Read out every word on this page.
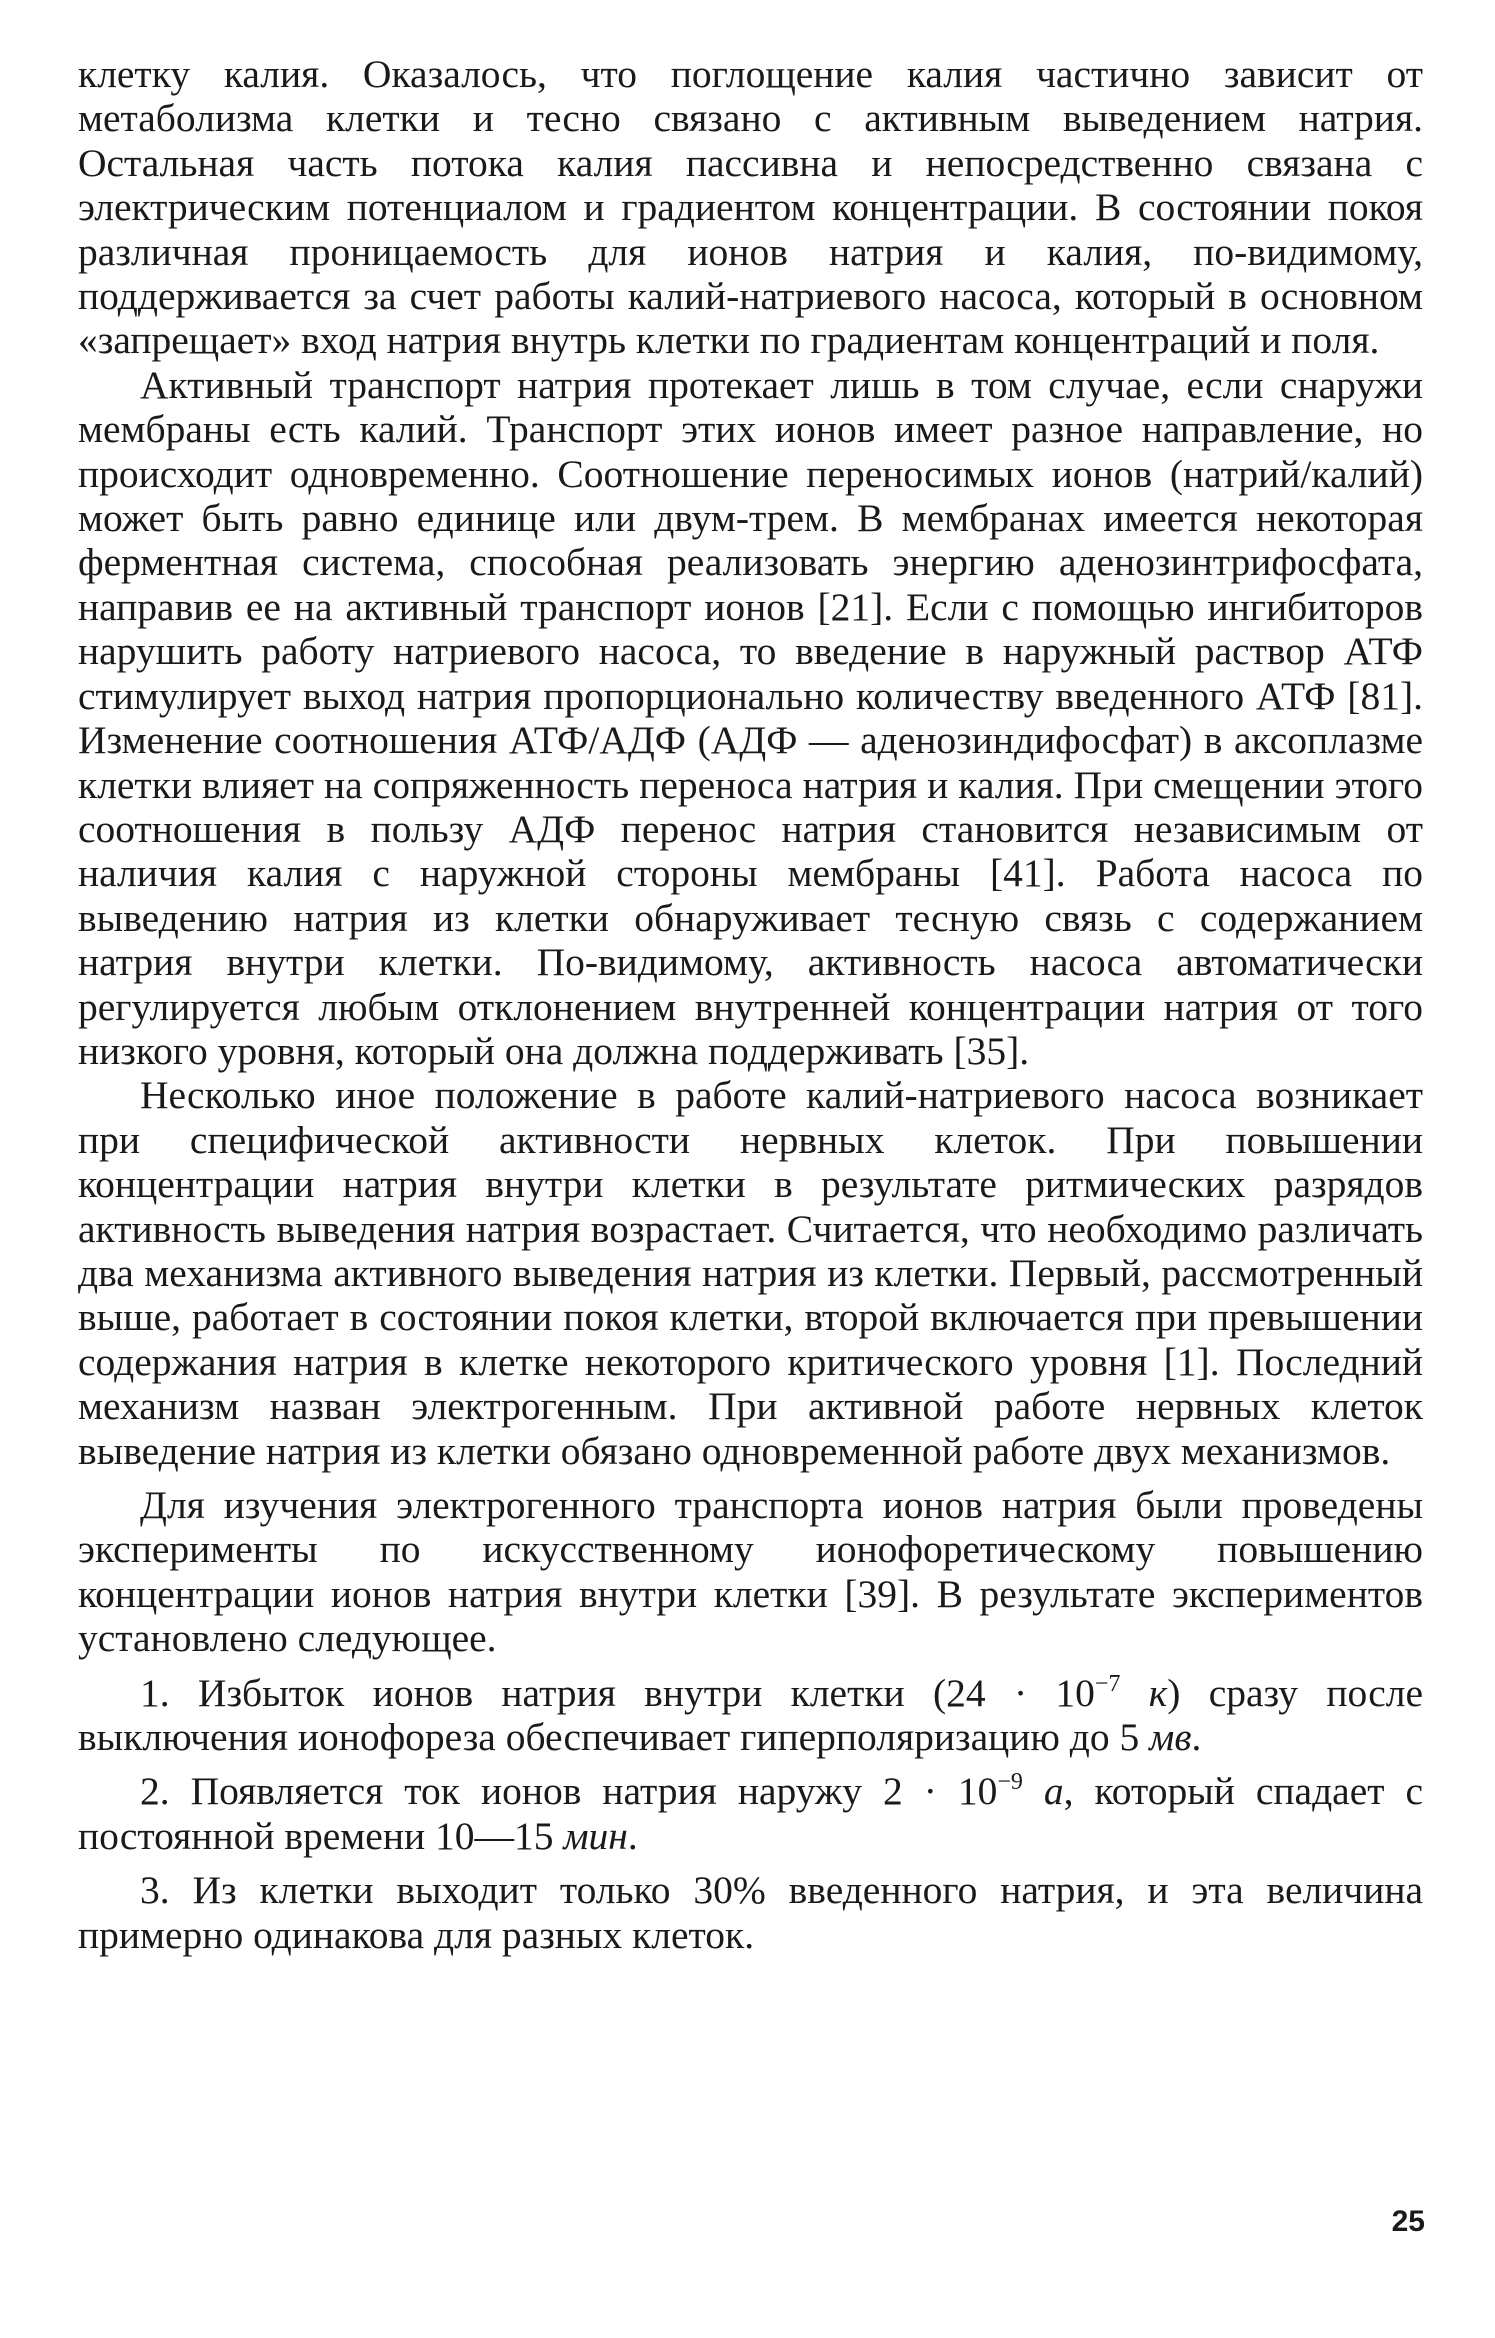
клетку калия. Оказалось, что поглощение калия частично зависит от метаболизма клетки и тесно связано с активным выведением натрия. Остальная часть потока калия пассивна и непосредственно связана с электрическим потенциалом и градиентом концентрации. В состоянии покоя различная проницаемость для ионов натрия и калия, по-видимому, поддерживается за счет работы калий-натриевого насоса, который в основном «запрещает» вход натрия внутрь клетки по градиентам концентраций и поля.

Активный транспорт натрия протекает лишь в том случае, если снаружи мембраны есть калий. Транспорт этих ионов имеет разное направление, но происходит одновременно. Соотношение переносимых ионов (натрий/калий) может быть равно единице или двум-трем. В мембранах имеется некоторая ферментная система, способная реализовать энергию аденозинтрифосфата, направив ее на активный транспорт ионов [21]. Если с помощью ингибиторов нарушить работу натриевого насоса, то введение в наружный раствор АТФ стимулирует выход натрия пропорционально количеству введенного АТФ [81]. Изменение соотношения АТФ/АДФ (АДФ — аденозиндифосфат) в аксоплазме клетки влияет на сопряженность переноса натрия и калия. При смещении этого соотношения в пользу АДФ перенос натрия становится независимым от наличия калия с наружной стороны мембраны [41]. Работа насоса по выведению натрия из клетки обнаруживает тесную связь с содержанием натрия внутри клетки. По-видимому, активность насоса автоматически регулируется любым отклонением внутренней концентрации натрия от того низкого уровня, который она должна поддерживать [35].

Несколько иное положение в работе калий-натриевого насоса возникает при специфической активности нервных клеток. При повышении концентрации натрия внутри клетки в результате ритмических разрядов активность выведения натрия возрастает. Считается, что необходимо различать два механизма активного выведения натрия из клетки. Первый, рассмотренный выше, работает в состоянии покоя клетки, второй включается при превышении содержания натрия в клетке некоторого критического уровня [1]. Последний механизм назван электрогенным. При активной работе нервных клеток выведение натрия из клетки обязано одновременной работе двух механизмов.

Для изучения электрогенного транспорта ионов натрия были проведены эксперименты по искусственному ионофоретическому повышению концентрации ионов натрия внутри клетки [39]. В результате экспериментов установлено следующее.

1. Избыток ионов натрия внутри клетки ($24 \cdot 10^{-7}$ к) сразу после выключения ионофореза обеспечивает гиперполяризацию до 5 мв.

2. Появляется ток ионов натрия наружу $2 \cdot 10^{-9}$ а, который спадает с постоянной времени 10—15 мин.

3. Из клетки выходит только 30% введенного натрия, и эта величина примерно одинакова для разных клеток.

25
